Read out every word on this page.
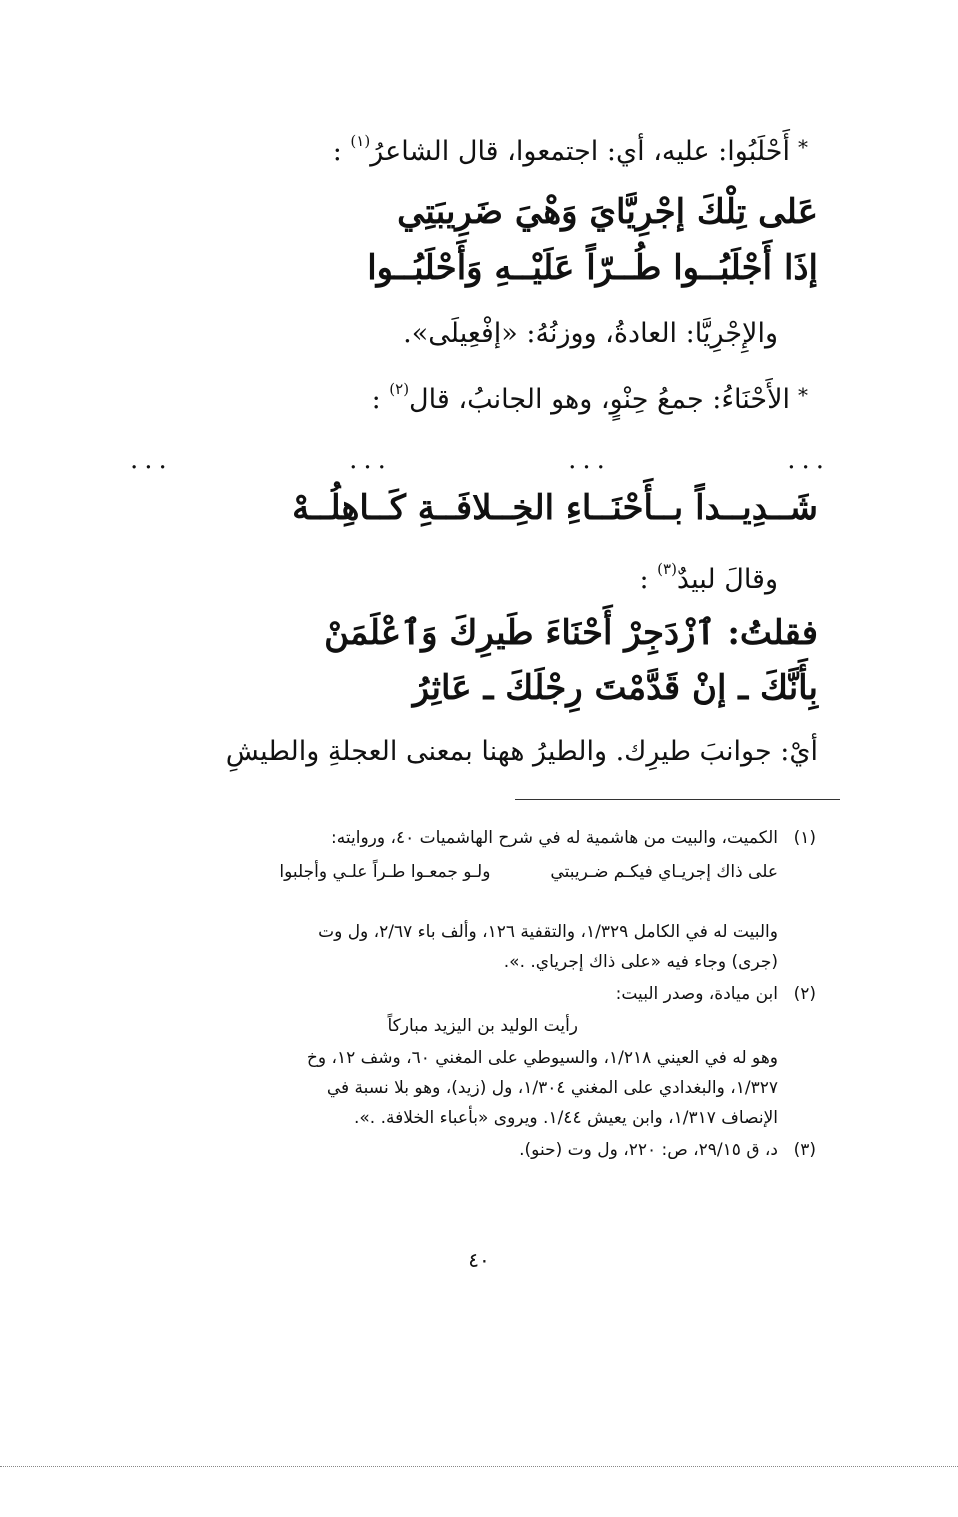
*أَحْلَبُوا: عليه، أي: اجتمعوا، قال الشاعرُ$^{(١)}$ :
عَلى تِلْكَ إجْرِيَّايَ وَهْيَ ضَرِيبَتِي
إذَا أَجْلَبُــوا طُــرّاً عَلَيْــهِ وَأَحْلَبُــوا
والإِجْرِيَّا: العادةُ، ووزنُهُ: «إفْعِيلَى».
*الأَحْنَاءُ: جمعُ حِنْوٍ، وهو الجانبُ، قال$^{(٢)}$ :
...
...
...
...
شَــدِيــداً بــأَحْنَــاءِ الخِــلافَــةِ كَــاهِلُــهْ
وقالَ لبيدٌ$^{(٣)}$ :
فقلتُ: ٱزْدَجِرْ أَحْنَاءَ طَيرِكَ وَٱعْلَمَنْ
بِأَنَّكَ ـ إنْ قَدَّمْتَ رِجْلَكَ ـ عَاثِرُ
أيْ: جوانبَ طيرِك. والطيرُ ههنا بمعنى العجلةِ والطيشِ
(١)الكميت، والبيت من هاشمية له في شرح الهاشميات ٤٠، وروايته:
على ذاك إجريـاي فيكـم ضـريبتيولـو جمعـوا طـراً علـي وأجلبوا
والبيت له في الكامل ١/٣٢٩، والتقفية ١٢٦، وألف باء ٢/٦٧، ول وت
(جرى) وجاء فيه «على ذاك إجرياي. .».
(٢)ابن ميادة، وصدر البيت:
رأيت الوليد بن اليزيد مباركاً
وهو له في العيني ١/٢١٨، والسيوطي على المغني ٦٠، وشف ١٢، وخ
١/٣٢٧، والبغدادي على المغني ١/٣٠٤، ول (زيد)، وهو بلا نسبة في
الإنصاف ١/٣١٧، وابن يعيش ١/٤٤. ويروى «بأعباء الخلافة. .».
(٣)د، ق ٢٩/١٥، ص: ٢٢٠، ول وت (حنو).
٤٠
